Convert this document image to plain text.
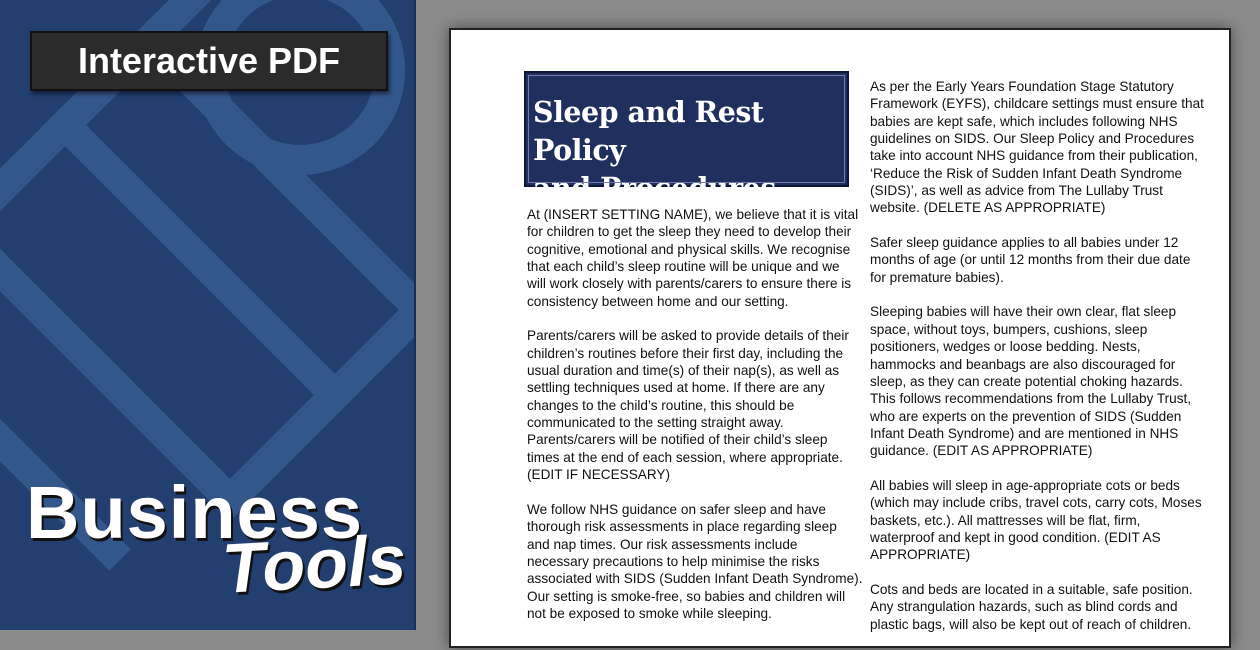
Interactive PDF
Business
Tools
Sleep and Rest Policy
and Procedures
At (INSERT SETTING NAME), we believe that it is vital
for children to get the sleep they need to develop their
cognitive, emotional and physical skills. We recognise
that each child’s sleep routine will be unique and we
will work closely with parents/carers to ensure there is
consistency between home and our setting.
Parents/carers will be asked to provide details of their
children’s routines before their first day, including the
usual duration and time(s) of their nap(s), as well as
settling techniques used at home. If there are any
changes to the child’s routine, this should be
communicated to the setting straight away.
Parents/carers will be notified of their child’s sleep
times at the end of each session, where appropriate.
(EDIT IF NECESSARY)
We follow NHS guidance on safer sleep and have
thorough risk assessments in place regarding sleep
and nap times. Our risk assessments include
necessary precautions to help minimise the risks
associated with SIDS (Sudden Infant Death Syndrome).
Our setting is smoke-free, so babies and children will
not be exposed to smoke while sleeping.
As per the Early Years Foundation Stage Statutory
Framework (EYFS), childcare settings must ensure that
babies are kept safe, which includes following NHS
guidelines on SIDS. Our Sleep Policy and Procedures
take into account NHS guidance from their publication,
‘Reduce the Risk of Sudden Infant Death Syndrome
(SIDS)’, as well as advice from The Lullaby Trust
website. (DELETE AS APPROPRIATE)
Safer sleep guidance applies to all babies under 12
months of age (or until 12 months from their due date
for premature babies).
Sleeping babies will have their own clear, flat sleep
space, without toys, bumpers, cushions, sleep
positioners, wedges or loose bedding. Nests,
hammocks and beanbags are also discouraged for
sleep, as they can create potential choking hazards.
This follows recommendations from the Lullaby Trust,
who are experts on the prevention of SIDS (Sudden
Infant Death Syndrome) and are mentioned in NHS
guidance. (EDIT AS APPROPRIATE)
All babies will sleep in age-appropriate cots or beds
(which may include cribs, travel cots, carry cots, Moses
baskets, etc.). All mattresses will be flat, firm,
waterproof and kept in good condition. (EDIT AS
APPROPRIATE)
Cots and beds are located in a suitable, safe position.
Any strangulation hazards, such as blind cords and
plastic bags, will also be kept out of reach of children.
